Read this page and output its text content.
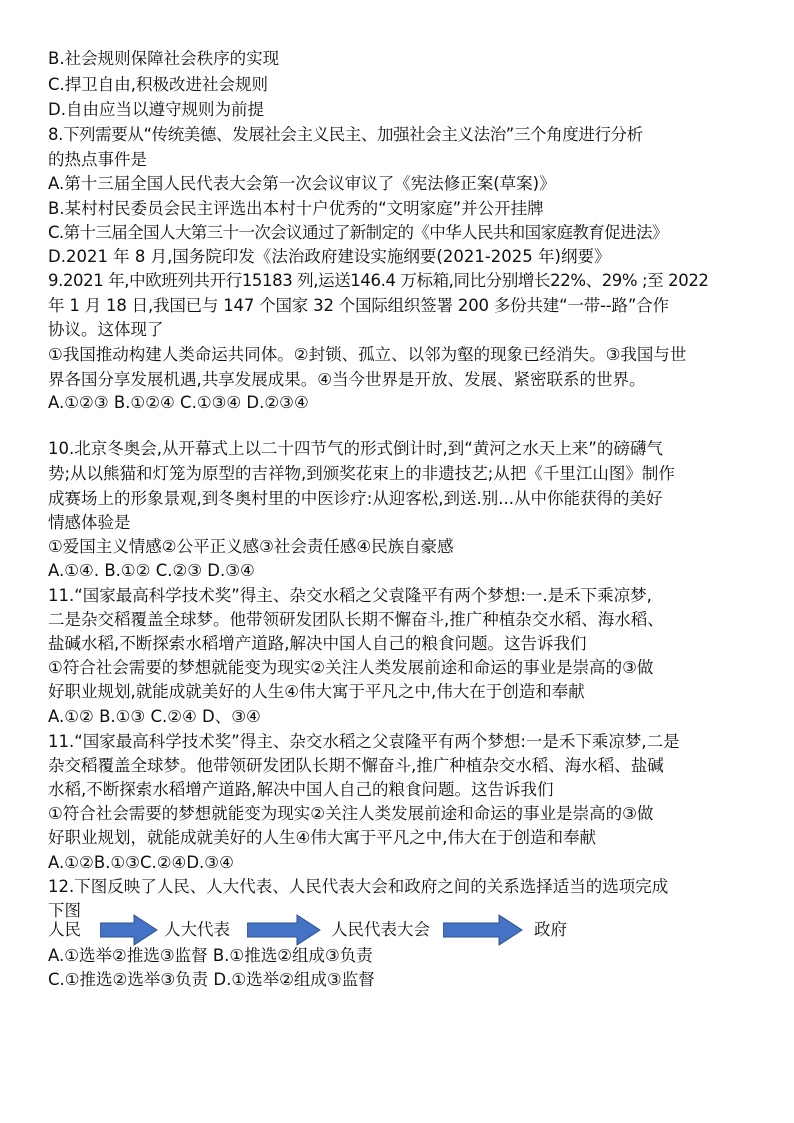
B.社会规则保障社会秩序的实现
C.捍卫自由,积极改进社会规则
D.自由应当以遵守规则为前提
8.下列需要从“传统美德、发展社会主义民主、加强社会主义法治”三个角度进行分析
的热点事件是
A.第十三届全国人民代表大会第一次会议审议了《宪法修正案(草案)》
B.某村村民委员会民主评选出本村十户优秀的“文明家庭”并公开挂牌
C.第十三届全国人大第三十一次会议通过了新制定的《中华人民共和国家庭教育促进法》
D.2021 年 8 月,国务院印发《法治政府建设实施纲要(2021-2025 年)纲要》
9.2021 年,中欧班列共开行15183 列,运送146.4 万标箱,同比分别增长22%、29% ;至 2022
年 1 月 18 日,我国已与 147 个国家 32 个国际组织签署 200 多份共建“一带--路”合作
协议。这体现了
①我国推动构建人类命运共同体。②封锁、孤立、以邻为壑的现象已经消失。③我国与世
界各国分享发展机遇,共享发展成果。④当今世界是开放、发展、紧密联系的世界。
A.①②③ B.①②④ C.①③④ D.②③④
10.北京冬奥会,从开幕式上以二十四节气的形式倒计时,到“黄河之水天上来”的磅礴气
势;从以熊猫和灯笼为原型的吉祥物,到颁奖花束上的非遗技艺;从把《千里江山图》制作
成赛场上的形象景观,到冬奥村里的中医诊疗:从迎客松,到送.别...从中你能获得的美好
情感体验是
①爱国主义情感②公平正义感③社会责任感④民族自豪感
A.①④. B.①② C.②③ D.③④
11.“国家最高科学技术奖”得主、杂交水稻之父袁隆平有两个梦想:一.是禾下乘凉梦,
二是杂交稻覆盖全球梦。他带领研发团队长期不懈奋斗,推广种植杂交水稻、海水稻、
盐碱水稻,不断探索水稻增产道路,解决中国人自己的粮食问题。这告诉我们
①符合社会需要的梦想就能变为现实②关注人类发展前途和命运的事业是崇高的③做
好职业规划,就能成就美好的人生④伟大寓于平凡之中,伟大在于创造和奉献
A.①② B.①③ C.②④ D、③④
11.“国家最高科学技术奖”得主、杂交水稻之父袁隆平有两个梦想:一是禾下乘凉梦,二是
杂交稻覆盖全球梦。他带领研发团队长期不懈奋斗,推广种植杂交水稻、海水稻、盐碱
水稻,不断探索水稻增产道路,解决中国人自己的粮食问题。这告诉我们
①符合社会需要的梦想就能变为现实②关注人类发展前途和命运的事业是崇高的③做
好职业规划，就能成就美好的人生④伟大寓于平凡之中,伟大在于创造和奉献
A.①②B.①③C.②④D.③④
12.下图反映了人民、人大代表、人民代表大会和政府之间的关系选择适当的选项完成
下图
人民	人大代表	人民代表大会	政府
A.①选举②推选③监督 B.①推选②组成③负责
C.①推选②选举③负责 D.①选举②组成③监督
